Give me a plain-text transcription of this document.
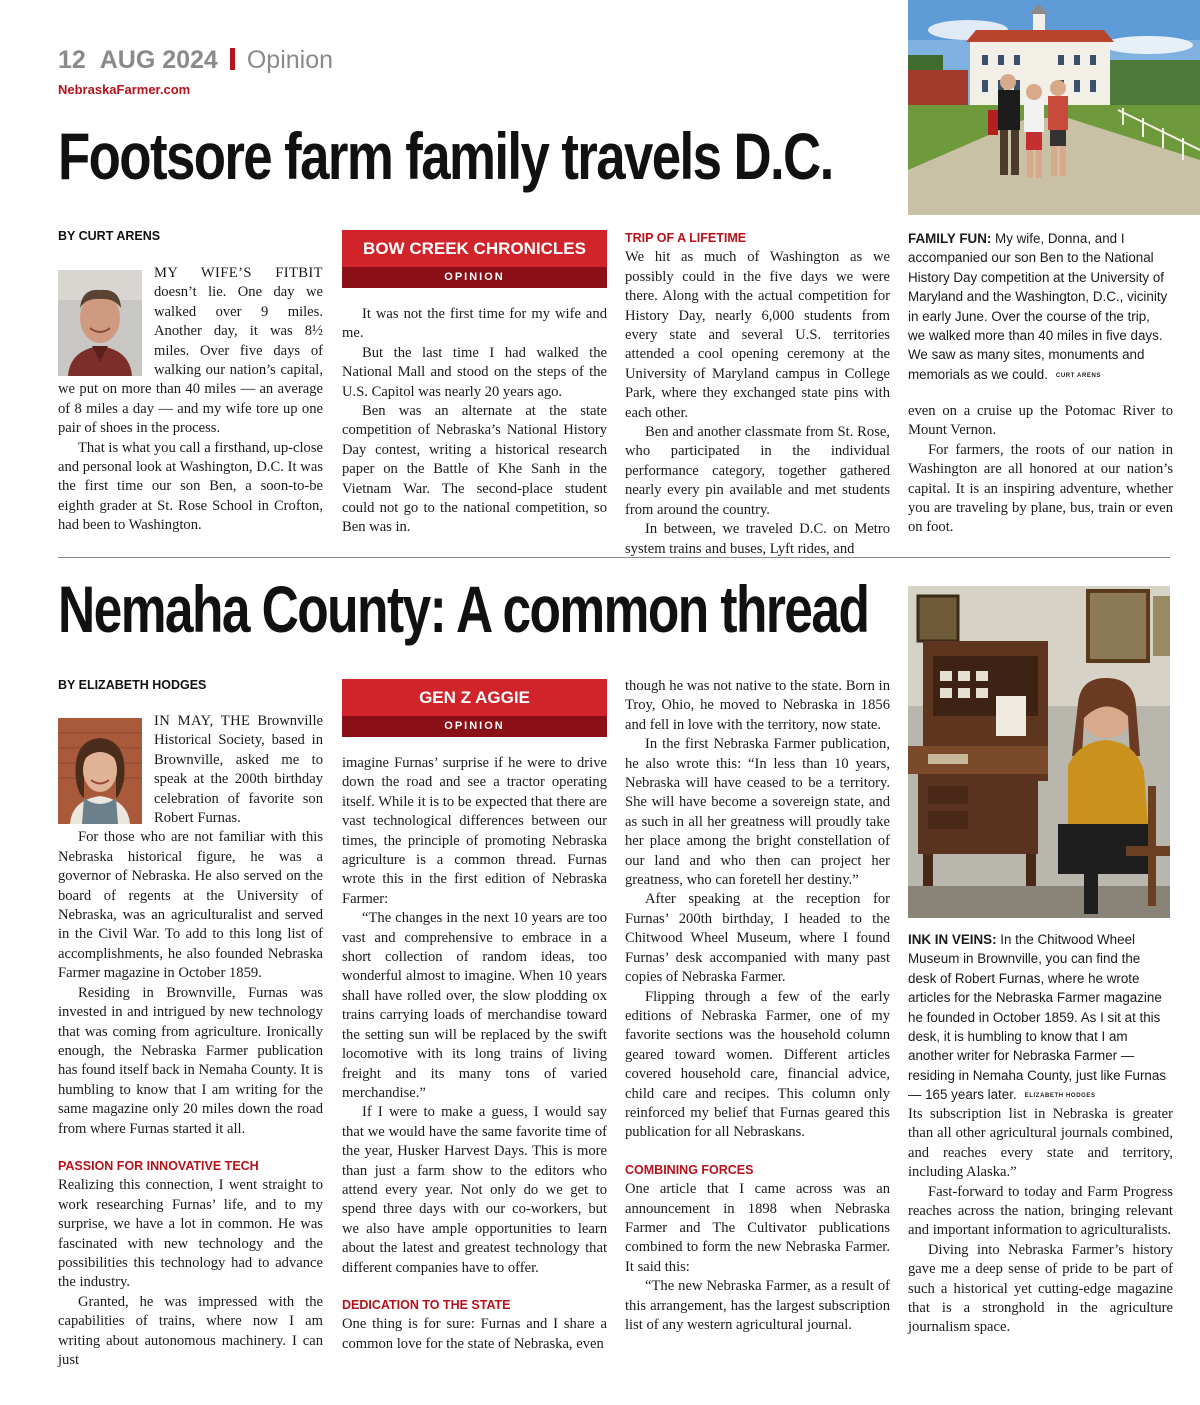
12 AUG 2024 Opinion
NebraskaFarmer.com
Footsore farm family travels D.C.
BY CURT ARENS

MY WIFE’S FITBIT doesn’t lie. One day we walked over 9 miles. Another day, it was 8½ miles. Over five days of walking our nation’s capital, we put on more than 40 miles — an average of 8 miles a day — and my wife tore up one pair of shoes in the process.

That is what you call a firsthand, up-close and personal look at Washington, D.C. It was the first time our son Ben, a soon-to-be eighth grader at St. Rose School in Crofton, had been to Washington.

BOW CREEK CHRONICLES
OPINION

It was not the first time for my wife and me.

But the last time I had walked the National Mall and stood on the steps of the U.S. Capitol was nearly 20 years ago.

Ben was an alternate at the state competition of Nebraska’s National History Day contest, writing a historical research paper on the Battle of Khe Sanh in the Vietnam War. The second-place student could not go to the national competition, so Ben was in.

TRIP OF A LIFETIME

We hit as much of Washington as we possibly could in the five days we were there. Along with the actual competition for History Day, nearly 6,000 students from every state and several U.S. territories attended a cool opening ceremony at the University of Maryland campus in College Park, where they exchanged state pins with each other.

Ben and another classmate from St. Rose, who participated in the individual performance category, together gathered nearly every pin available and met students from around the country.

In between, we traveled D.C. on Metro system trains and buses, Lyft rides, and

FAMILY FUN: My wife, Donna, and I accompanied our son Ben to the National History Day competition at the University of Maryland and the Washington, D.C., vicinity in early June. Over the course of the trip, we walked more than 40 miles in five days. We saw as many sites, monuments and memorials as we could. CURT ARENS

even on a cruise up the Potomac River to Mount Vernon.

For farmers, the roots of our nation in Washington are all honored at our nation’s capital. It is an inspiring adventure, whether you are traveling by plane, bus, train or even on foot.

Nemaha County: A common thread
BY ELIZABETH HODGES

IN MAY, THE Brownville Historical Society, based in Brownville, asked me to speak at the 200th birthday celebration of favorite son Robert Furnas.

For those who are not familiar with this Nebraska historical figure, he was a governor of Nebraska. He also served on the board of regents at the University of Nebraska, was an agriculturalist and served in the Civil War. To add to this long list of accomplishments, he also founded Nebraska Farmer magazine in October 1859.

Residing in Brownville, Furnas was invested in and intrigued by new technology that was coming from agriculture. Ironically enough, the Nebraska Farmer publication has found itself back in Nemaha County. It is humbling to know that I am writing for the same magazine only 20 miles down the road from where Furnas started it all.

PASSION FOR INNOVATIVE TECH

Realizing this connection, I went straight to work researching Furnas’ life, and to my surprise, we have a lot in common. He was fascinated with new technology and the possibilities this technology had to advance the industry.

Granted, he was impressed with the capabilities of trains, where now I am writing about autonomous machinery. I can just

GEN Z AGGIE
OPINION

imagine Furnas’ surprise if he were to drive down the road and see a tractor operating itself. While it is to be expected that there are vast technological differences between our times, the principle of promoting Nebraska agriculture is a common thread. Furnas wrote this in the first edition of Nebraska Farmer:

“The changes in the next 10 years are too vast and comprehensive to embrace in a short collection of random ideas, too wonderful almost to imagine. When 10 years shall have rolled over, the slow plodding ox trains carrying loads of merchandise toward the setting sun will be replaced by the swift locomotive with its long trains of living freight and its many tons of varied merchandise.”

If I were to make a guess, I would say that we would have the same favorite time of the year, Husker Harvest Days. This is more than just a farm show to the editors who attend every year. Not only do we get to spend three days with our co-workers, but we also have ample opportunities to learn about the latest and greatest technology that different companies have to offer.

DEDICATION TO THE STATE

One thing is for sure: Furnas and I share a common love for the state of Nebraska, even

though he was not native to the state. Born in Troy, Ohio, he moved to Nebraska in 1856 and fell in love with the territory, now state.

In the first Nebraska Farmer publication, he also wrote this: “In less than 10 years, Nebraska will have ceased to be a territory. She will have become a sovereign state, and as such in all her greatness will proudly take her place among the bright constellation of our land and who then can project her greatness, who can foretell her destiny.”

After speaking at the reception for Furnas’ 200th birthday, I headed to the Chitwood Wheel Museum, where I found Furnas’ desk accompanied with many past copies of Nebraska Farmer.

Flipping through a few of the early editions of Nebraska Farmer, one of my favorite sections was the household column geared toward women. Different articles covered household care, financial advice, child care and recipes. This column only reinforced my belief that Furnas geared this publication for all Nebraskans.

COMBINING FORCES

One article that I came across was an announcement in 1898 when Nebraska Farmer and The Cultivator publications combined to form the new Nebraska Farmer. It said this:

“The new Nebraska Farmer, as a result of this arrangement, has the largest subscription list of any western agricultural journal.

INK IN VEINS: In the Chitwood Wheel Museum in Brownville, you can find the desk of Robert Furnas, where he wrote articles for the Nebraska Farmer magazine he founded in October 1859. As I sit at this desk, it is humbling to know that I am another writer for Nebraska Farmer — residing in Nemaha County, just like Furnas — 165 years later. ELIZABETH HODGES

Its subscription list in Nebraska is greater than all other agricultural journals combined, and reaches every state and territory, including Alaska.”

Fast-forward to today and Farm Progress reaches across the nation, bringing relevant and important information to agriculturalists.

Diving into Nebraska Farmer’s history gave me a deep sense of pride to be part of such a historical yet cutting-edge magazine that is a stronghold in the agriculture journalism space.
